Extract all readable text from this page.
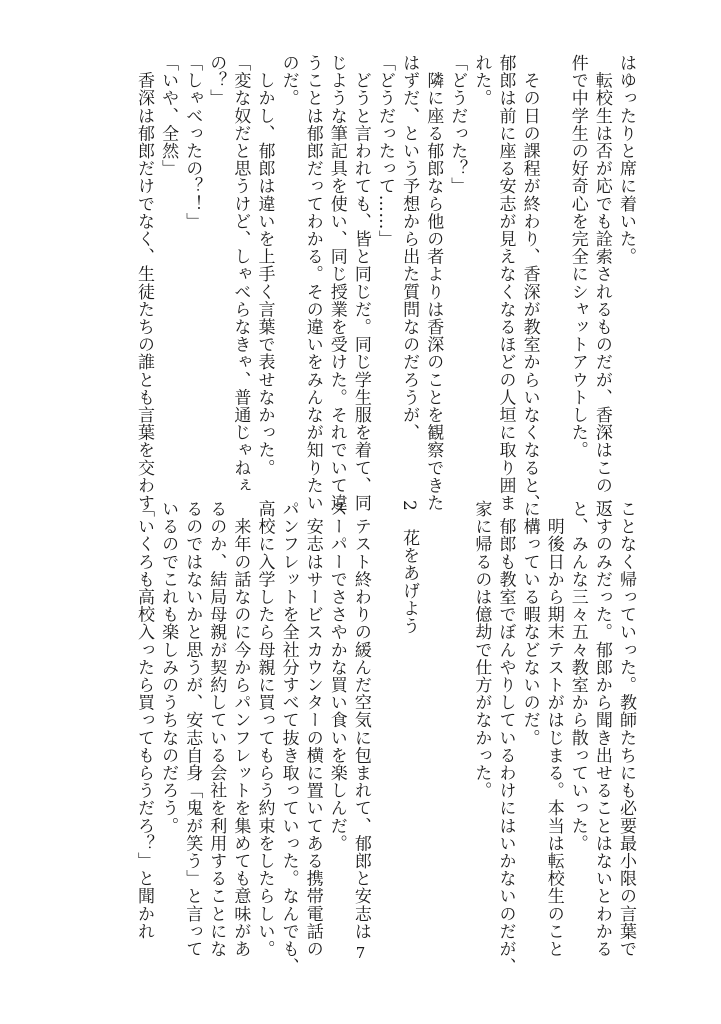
はゆったりと席に着いた。

　転校生は否が応でも詮索されるものだが、香深はこの一

件で中学生の好奇心を完全にシャットアウトした。

　その日の課程が終わり、香深が教室からいなくなると、

郁郎は前に座る安志が見えなくなるほどの人垣に取り囲ま

れた。

「どうだった？」

　隣に座る郁郎なら他の者よりは香深のことを観察できた

はずだ、という予想から出た質問なのだろうが、

「どうだったって……」

　どうと言われても、皆と同じだ。同じ学生服を着て、同

じような筆記具を使い、同じ授業を受けた。それでいて違

うことは郁郎だってわかる。その違いをみんなが知りたい

のだ。

　しかし、郁郎は違いを上手く言葉で表せなかった。

「変な奴だと思うけど、しゃべらなきゃ、普通じゃねぇ

の？」

「しゃべったの？！」

「いや、全然」

　香深は郁郎だけでなく、生徒たちの誰とも言葉を交わす

ことなく帰っていった。教師たちにも必要最小限の言葉で

返すのみだった。郁郎から聞き出せることはないとわかる

と、みんな三々五々教室から散っていった。

　明後日から期末テストがはじまる。本当は転校生のこと

に構っている暇などないのだ。

　郁郎も教室でぼんやりしているわけにはいかないのだが、

家に帰るのは億劫で仕方がなかった。

2　花をあげよう

　テスト終わりの緩んだ空気に包まれて、郁郎と安志は

スーパーでささやかな買い食いを楽しんだ。

　安志はサービスカウンターの横に置いてある携帯電話の

パンフレットを全社分すべて抜き取っていった。なんでも、

高校に入学したら母親に買ってもらう約束をしたらしい。

　来年の話なのに今からパンフレットを集めても意味があ

るのか、結局母親が契約している会社を利用することにな

るのではないかと思うが、安志自身「鬼が笑う」と言って

いるのでこれも楽しみのうちなのだろう。

「いくろも高校入ったら買ってもらうだろ？」と聞かれ

7
